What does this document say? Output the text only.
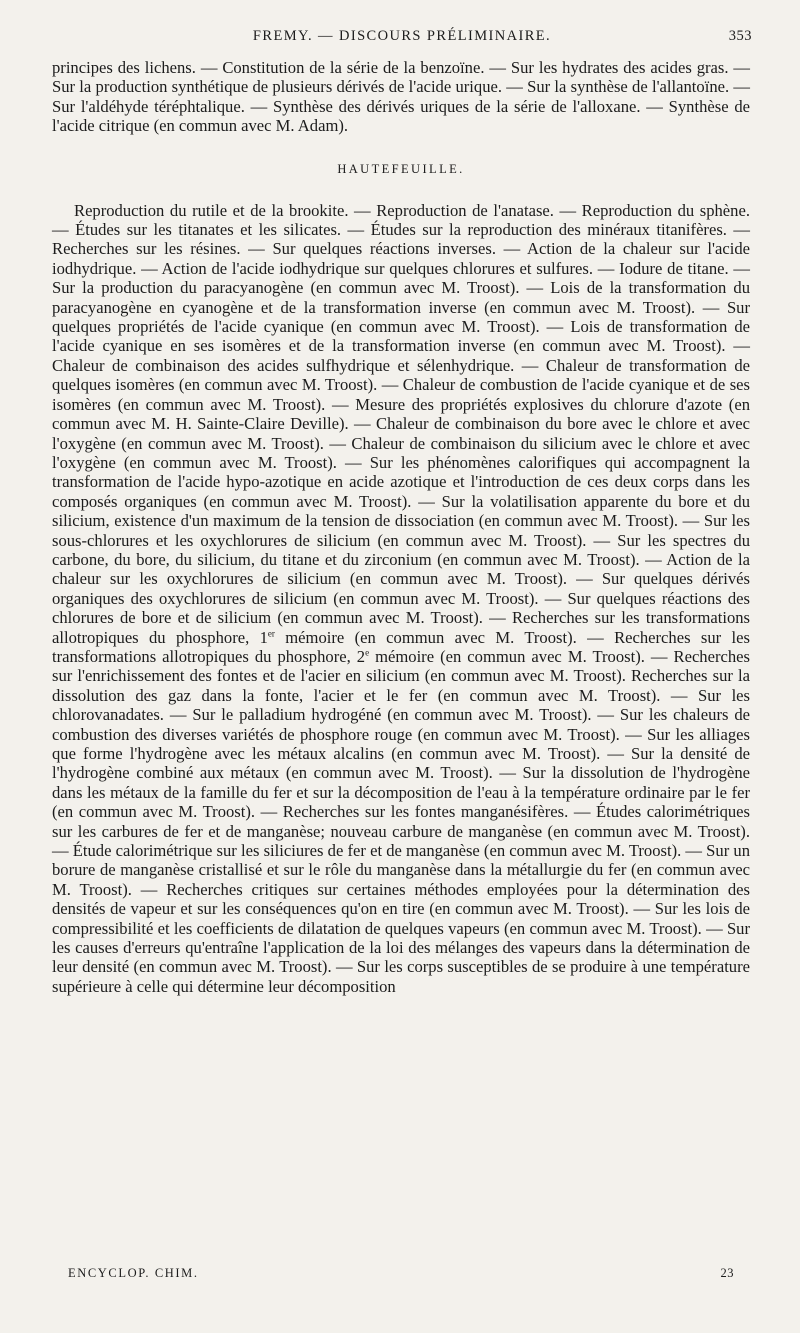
FREMY. — DISCOURS PRÉLIMINAIRE.	353

principes des lichens. — Constitution de la série de la benzoïne. — Sur les hydrates des acides gras. — Sur la production synthétique de plusieurs dérivés de l'acide urique. — Sur la synthèse de l'allantoïne. — Sur l'aldéhyde téréphtalique. — Synthèse des dérivés uriques de la série de l'alloxane. — Synthèse de l'acide citrique (en commun avec M. Adam).

HAUTEFEUILLE.

Reproduction du rutile et de la brookite. — Reproduction de l'anatase. — Reproduction du sphène. — Études sur les titanates et les silicates. — Études sur la reproduction des minéraux titanifères. — Recherches sur les résines. — Sur quelques réactions inverses. — Action de la chaleur sur l'acide iodhydrique. — Action de l'acide iodhydrique sur quelques chlorures et sulfures. — Iodure de titane. — Sur la production du paracyanogène (en commun avec M. Troost). — Lois de la transformation du paracyanogène en cyanogène et de la transformation inverse (en commun avec M. Troost). — Sur quelques propriétés de l'acide cyanique (en commun avec M. Troost). — Lois de transformation de l'acide cyanique en ses isomères et de la transformation inverse (en commun avec M. Troost). — Chaleur de combinaison des acides sulfhydrique et sélenhydrique. — Chaleur de transformation de quelques isomères (en commun avec M. Troost). — Chaleur de combustion de l'acide cyanique et de ses isomères (en commun avec M. Troost). — Mesure des propriétés explosives du chlorure d'azote (en commun avec M. H. Sainte-Claire Deville). — Chaleur de combinaison du bore avec le chlore et avec l'oxygène (en commun avec M. Troost). — Chaleur de combinaison du silicium avec le chlore et avec l'oxygène (en commun avec M. Troost). — Sur les phénomènes calorifiques qui accompagnent la transformation de l'acide hypo-azotique en acide azotique et l'introduction de ces deux corps dans les composés organiques (en commun avec M. Troost). — Sur la volatilisation apparente du bore et du silicium, existence d'un maximum de la tension de dissociation (en commun avec M. Troost). — Sur les sous-chlorures et les oxychlorures de silicium (en commun avec M. Troost). — Sur les spectres du carbone, du bore, du silicium, du titane et du zirconium (en commun avec M. Troost). — Action de la chaleur sur les oxychlorures de silicium (en commun avec M. Troost). — Sur quelques dérivés organiques des oxychlorures de silicium (en commun avec M. Troost). — Sur quelques réactions des chlorures de bore et de silicium (en commun avec M. Troost). — Recherches sur les transformations allotropiques du phosphore, 1er mémoire (en commun avec M. Troost). — Recherches sur les transformations allotropiques du phosphore, 2e mémoire (en commun avec M. Troost). — Recherches sur l'enrichissement des fontes et de l'acier en silicium (en commun avec M. Troost). Recherches sur la dissolution des gaz dans la fonte, l'acier et le fer (en commun avec M. Troost). — Sur les chlorovanadates. — Sur le palladium hydrogéné (en commun avec M. Troost). — Sur les chaleurs de combustion des diverses variétés de phosphore rouge (en commun avec M. Troost). — Sur les alliages que forme l'hydrogène avec les métaux alcalins (en commun avec M. Troost). — Sur la densité de l'hydrogène combiné aux métaux (en commun avec M. Troost). — Sur la dissolution de l'hydrogène dans les métaux de la famille du fer et sur la décomposition de l'eau à la température ordinaire par le fer (en commun avec M. Troost). — Recherches sur les fontes manganésifères. — Études calorimétriques sur les carbures de fer et de manganèse; nouveau carbure de manganèse (en commun avec M. Troost). — Étude calorimétrique sur les siliciures de fer et de manganèse (en commun avec M. Troost). — Sur un borure de manganèse cristallisé et sur le rôle du manganèse dans la métallurgie du fer (en commun avec M. Troost). — Recherches critiques sur certaines méthodes employées pour la détermination des densités de vapeur et sur les conséquences qu'on en tire (en commun avec M. Troost). — Sur les lois de compressibilité et les coefficients de dilatation de quelques vapeurs (en commun avec M. Troost). — Sur les causes d'erreurs qu'entraîne l'application de la loi des mélanges des vapeurs dans la détermination de leur densité (en commun avec M. Troost). — Sur les corps susceptibles de se produire à une température supérieure à celle qui détermine leur décomposition

ENCYCLOP. CHIM.	23
